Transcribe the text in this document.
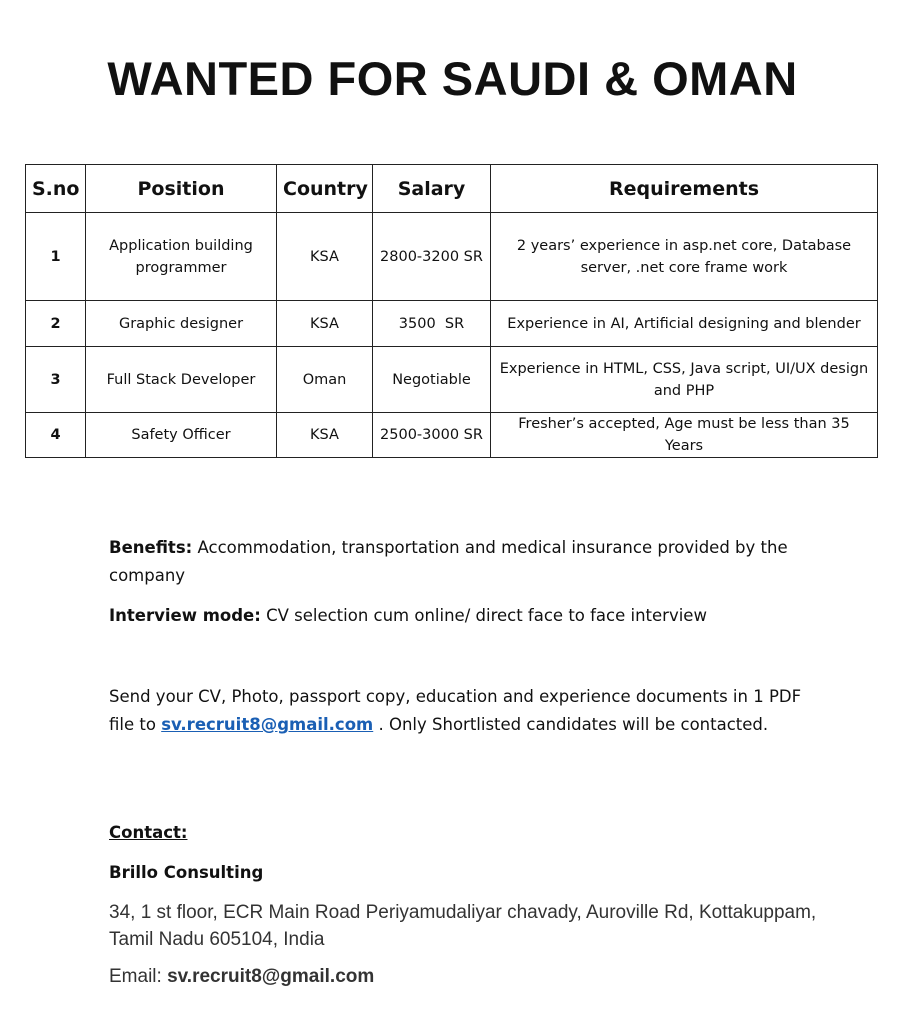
WANTED FOR SAUDI & OMAN
S.no	Position	Country	Salary	Requirements
1	Application building programmer	KSA	2800-3200 SR	2 years’ experience in asp.net core, Database server, .net core frame work
2	Graphic designer	KSA	3500  SR	Experience in AI, Artificial designing and blender
3	Full Stack Developer	Oman	Negotiable	Experience in HTML, CSS, Java script, UI/UX design and PHP
4	Safety Officer	KSA	2500-3000 SR	Fresher’s accepted, Age must be less than 35 Years
Benefits: Accommodation, transportation and medical insurance provided by the company
Interview mode: CV selection cum online/ direct face to face interview
Send your CV, Photo, passport copy, education and experience documents in 1 PDF file to sv.recruit8@gmail.com . Only Shortlisted candidates will be contacted.
Contact:
Brillo Consulting
34, 1 st floor, ECR Main Road Periyamudaliyar chavady, Auroville Rd, Kottakuppam, Tamil Nadu 605104, India
Email: sv.recruit8@gmail.com
